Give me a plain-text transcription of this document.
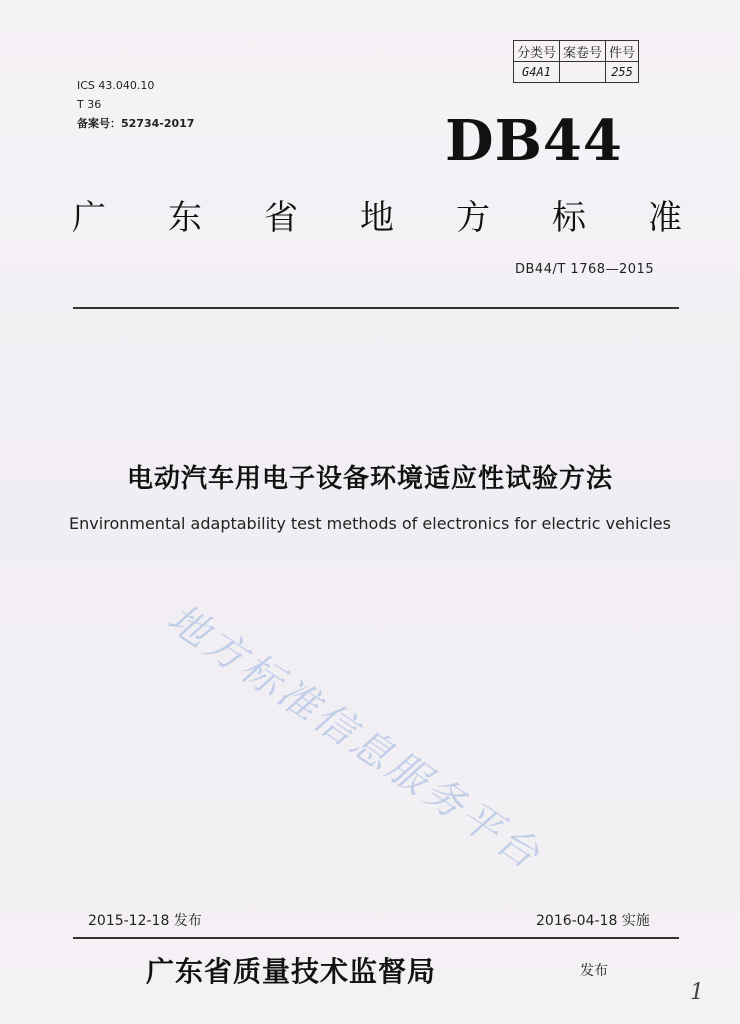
ICS 43.040.10
T 36
备案号：52734-2017
分类号	案卷号	件号
G4A1		255
DB44
广 东 省 地 方 标 准
DB44/T 1768—2015
电动汽车用电子设备环境适应性试验方法
Environmental adaptability test methods of electronics for electric vehicles
地方标准信息服务平台
2015-12-18 发布	2016-04-18 实施
广东省质量技术监督局	发布
1
